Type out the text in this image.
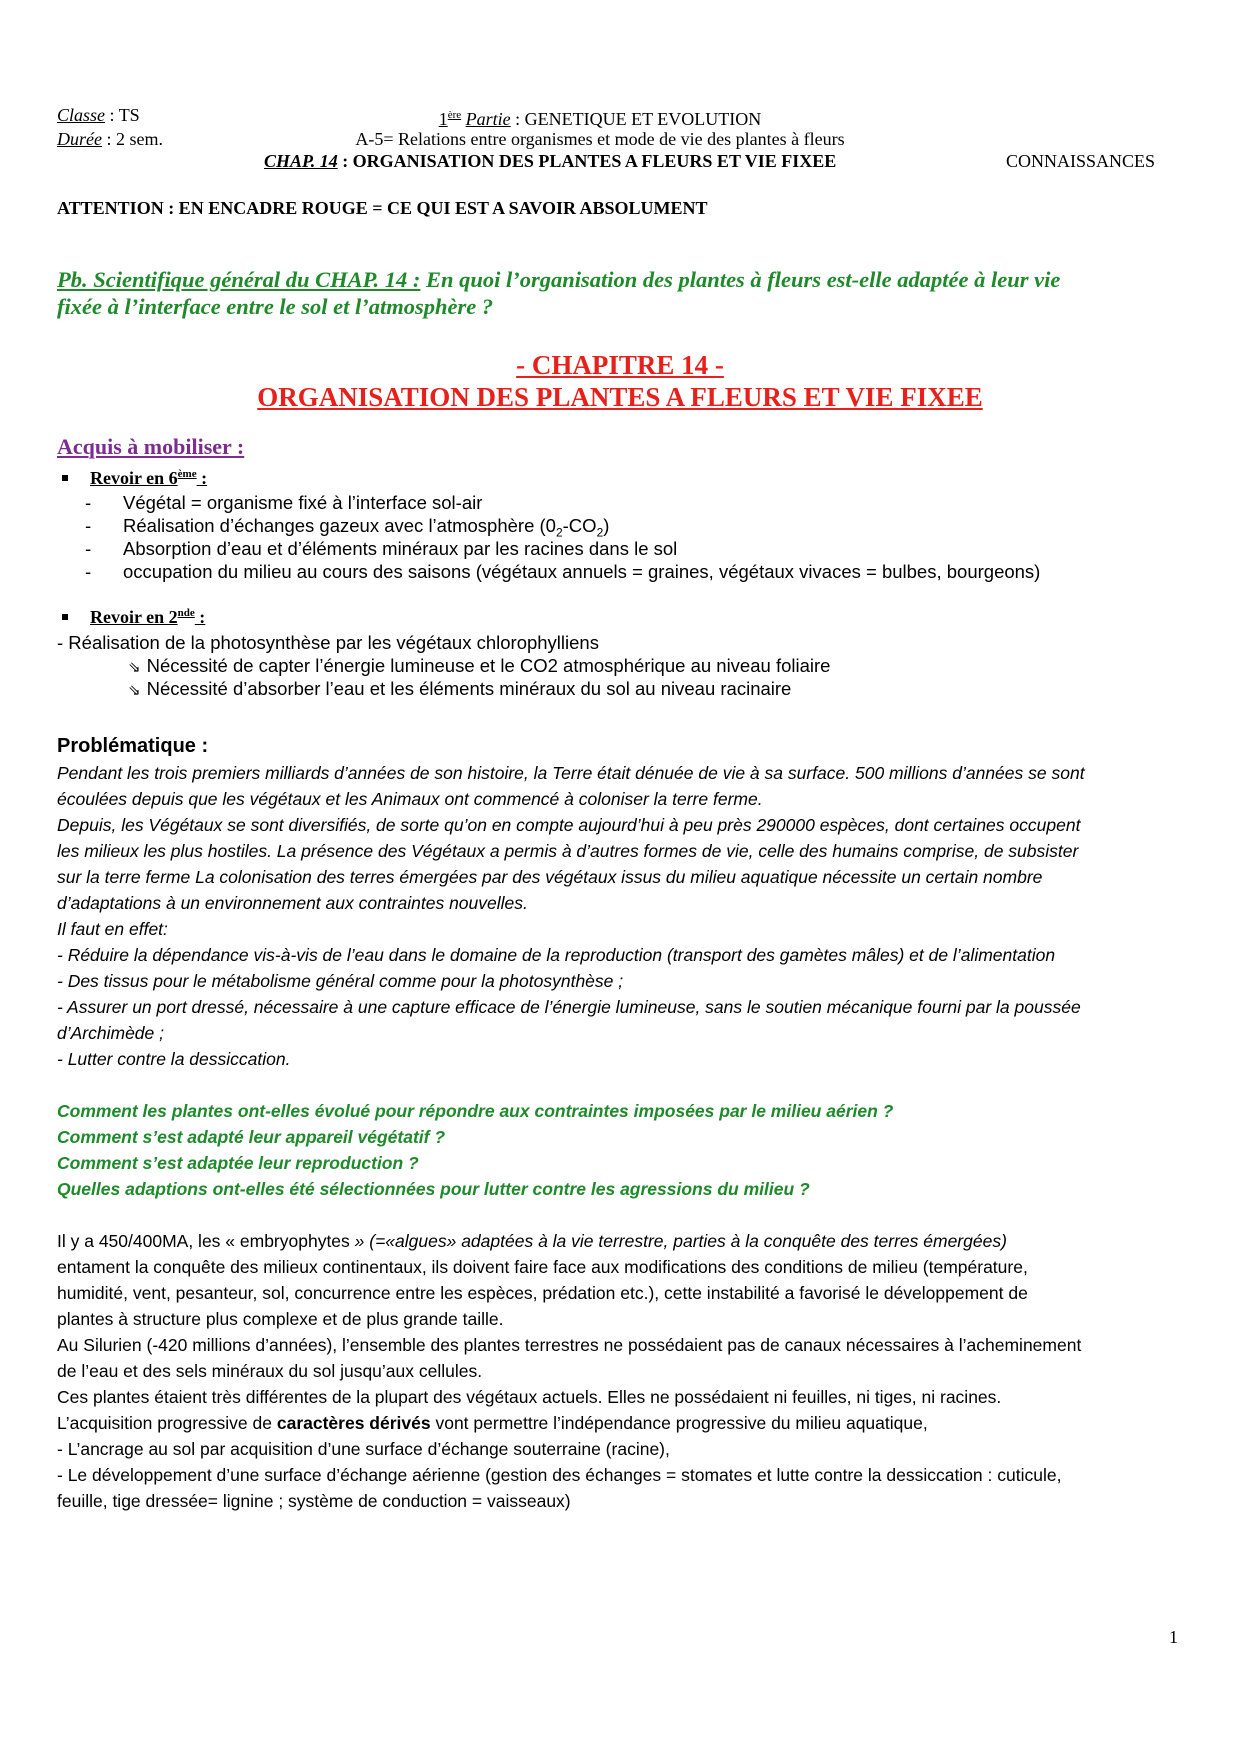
Classe : TS	1ère Partie : GENETIQUE ET EVOLUTION
Durée : 2 sem.	A-5= Relations entre organismes et mode de vie des plantes à fleurs
CHAP. 14 : ORGANISATION DES PLANTES A FLEURS ET VIE FIXEE	CONNAISSANCES
ATTENTION : EN ENCADRE ROUGE = CE QUI EST A SAVOIR ABSOLUMENT
Pb. Scientifique général du CHAP. 14 : En quoi l’organisation des plantes à fleurs est-elle adaptée à leur vie
fixée à l’interface entre le sol et l’atmosphère ?
- CHAPITRE 14 -
ORGANISATION DES PLANTES A FLEURS ET VIE FIXEE
Acquis à mobiliser :
Revoir en 6ème :
- Végétal = organisme fixé à l’interface sol-air
- Réalisation d’échanges gazeux avec l’atmosphère $(0_2-CO_2)$
- Absorption d’eau et d’éléments minéraux par les racines dans le sol
- occupation du milieu au cours des saisons (végétaux annuels = graines, végétaux vivaces = bulbes, bourgeons)
Revoir en 2nde :
- Réalisation de la photosynthèse par les végétaux chlorophylliens
⇘ Nécessité de capter l’énergie lumineuse et le CO2 atmosphérique au niveau foliaire
⇘ Nécessité d’absorber l’eau et les éléments minéraux du sol au niveau racinaire
Problématique :
Pendant les trois premiers milliards d’années de son histoire, la Terre était dénuée de vie à sa surface. 500 millions d’années se sont
écoulées depuis que les végétaux et les Animaux ont commencé à coloniser la terre ferme.
Depuis, les Végétaux se sont diversifiés, de sorte qu’on en compte aujourd’hui à peu près 290000 espèces, dont certaines occupent
les milieux les plus hostiles. La présence des Végétaux a permis à d’autres formes de vie, celle des humains comprise, de subsister
sur la terre ferme La colonisation des terres émergées par des végétaux issus du milieu aquatique nécessite un certain nombre
d’adaptations à un environnement aux contraintes nouvelles.
Il faut en effet:
- Réduire la dépendance vis-à-vis de l’eau dans le domaine de la reproduction (transport des gamètes mâles) et de l’alimentation
- Des tissus pour le métabolisme général comme pour la photosynthèse ;
- Assurer un port dressé, nécessaire à une capture efficace de l’énergie lumineuse, sans le soutien mécanique fourni par la poussée
d’Archimède ;
- Lutter contre la dessiccation.
Comment les plantes ont-elles évolué pour répondre aux contraintes imposées par le milieu aérien ?
Comment s’est adapté leur appareil végétatif ?
Comment s’est adaptée leur reproduction ?
Quelles adaptions ont-elles été sélectionnées pour lutter contre les agressions du milieu ?
Il y a 450/400MA, les « embryophytes » (=«algues» adaptées à la vie terrestre, parties à la conquête des terres émergées)
entament la conquête des milieux continentaux, ils doivent faire face aux modifications des conditions de milieu (température,
humidité, vent, pesanteur, sol, concurrence entre les espèces, prédation etc.), cette instabilité a favorisé le développement de
plantes à structure plus complexe et de plus grande taille.
Au Silurien (-420 millions d’années), l’ensemble des plantes terrestres ne possédaient pas de canaux nécessaires à l’acheminement
de l’eau et des sels minéraux du sol jusqu’aux cellules.
Ces plantes étaient très différentes de la plupart des végétaux actuels. Elles ne possédaient ni feuilles, ni tiges, ni racines.
L’acquisition progressive de caractères dérivés vont permettre l’indépendance progressive du milieu aquatique,
- L’ancrage au sol par acquisition d’une surface d’échange souterraine (racine),
- Le développement d’une surface d’échange aérienne (gestion des échanges = stomates et lutte contre la dessiccation : cuticule,
feuille, tige dressée= lignine ; système de conduction = vaisseaux)
1
